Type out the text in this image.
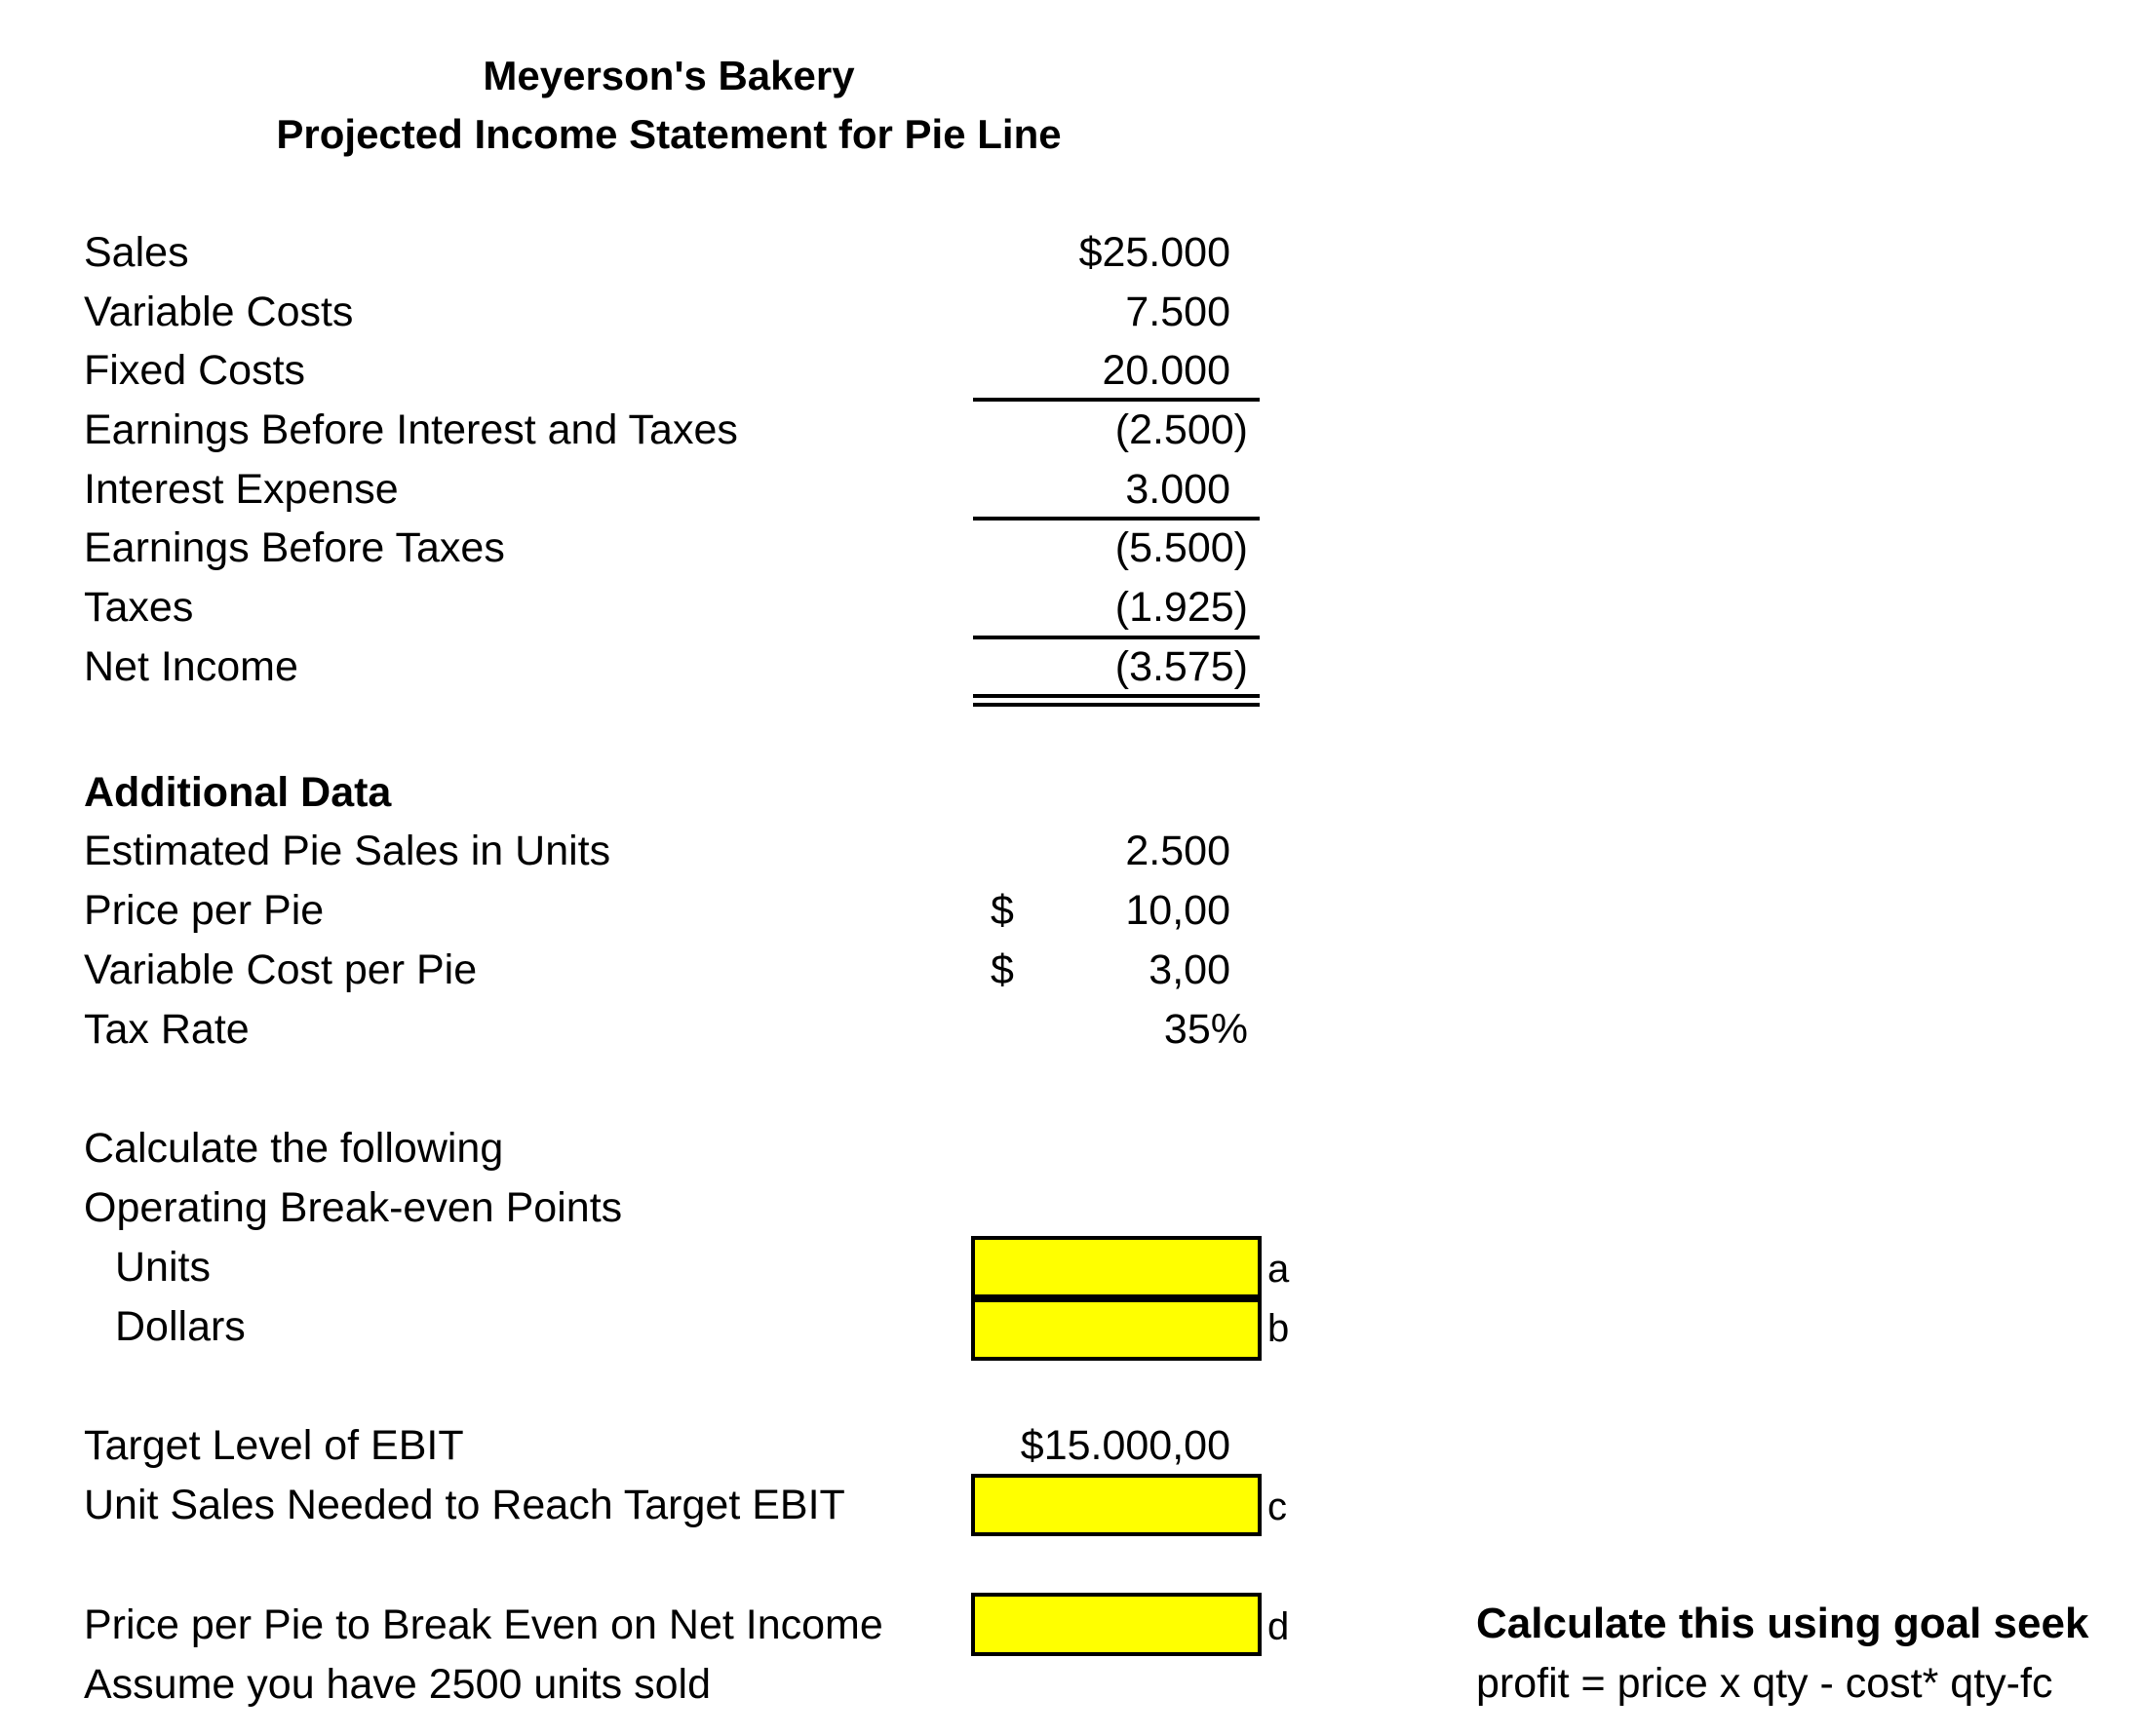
Meyerson's Bakery
Projected Income Statement for Pie Line
Sales	$25.000
Variable Costs	7.500
Fixed Costs	20.000
Earnings Before Interest and Taxes	(2.500)
Interest Expense	3.000
Earnings Before Taxes	(5.500)
Taxes	(1.925)
Net Income	(3.575)
Additional Data
Estimated Pie Sales in Units	2.500
Price per Pie	$	10,00
Variable Cost per Pie	$	3,00
Tax Rate	35%
Calculate the following
Operating Break-even Points
Units	a
Dollars	b
Target Level of EBIT	$15.000,00
Unit Sales Needed to Reach Target EBIT	c
Price per Pie to Break Even on Net Income	d
Assume you have 2500 units sold
Calculate this using goal seek
profit = price x qty - cost* qty-fc
